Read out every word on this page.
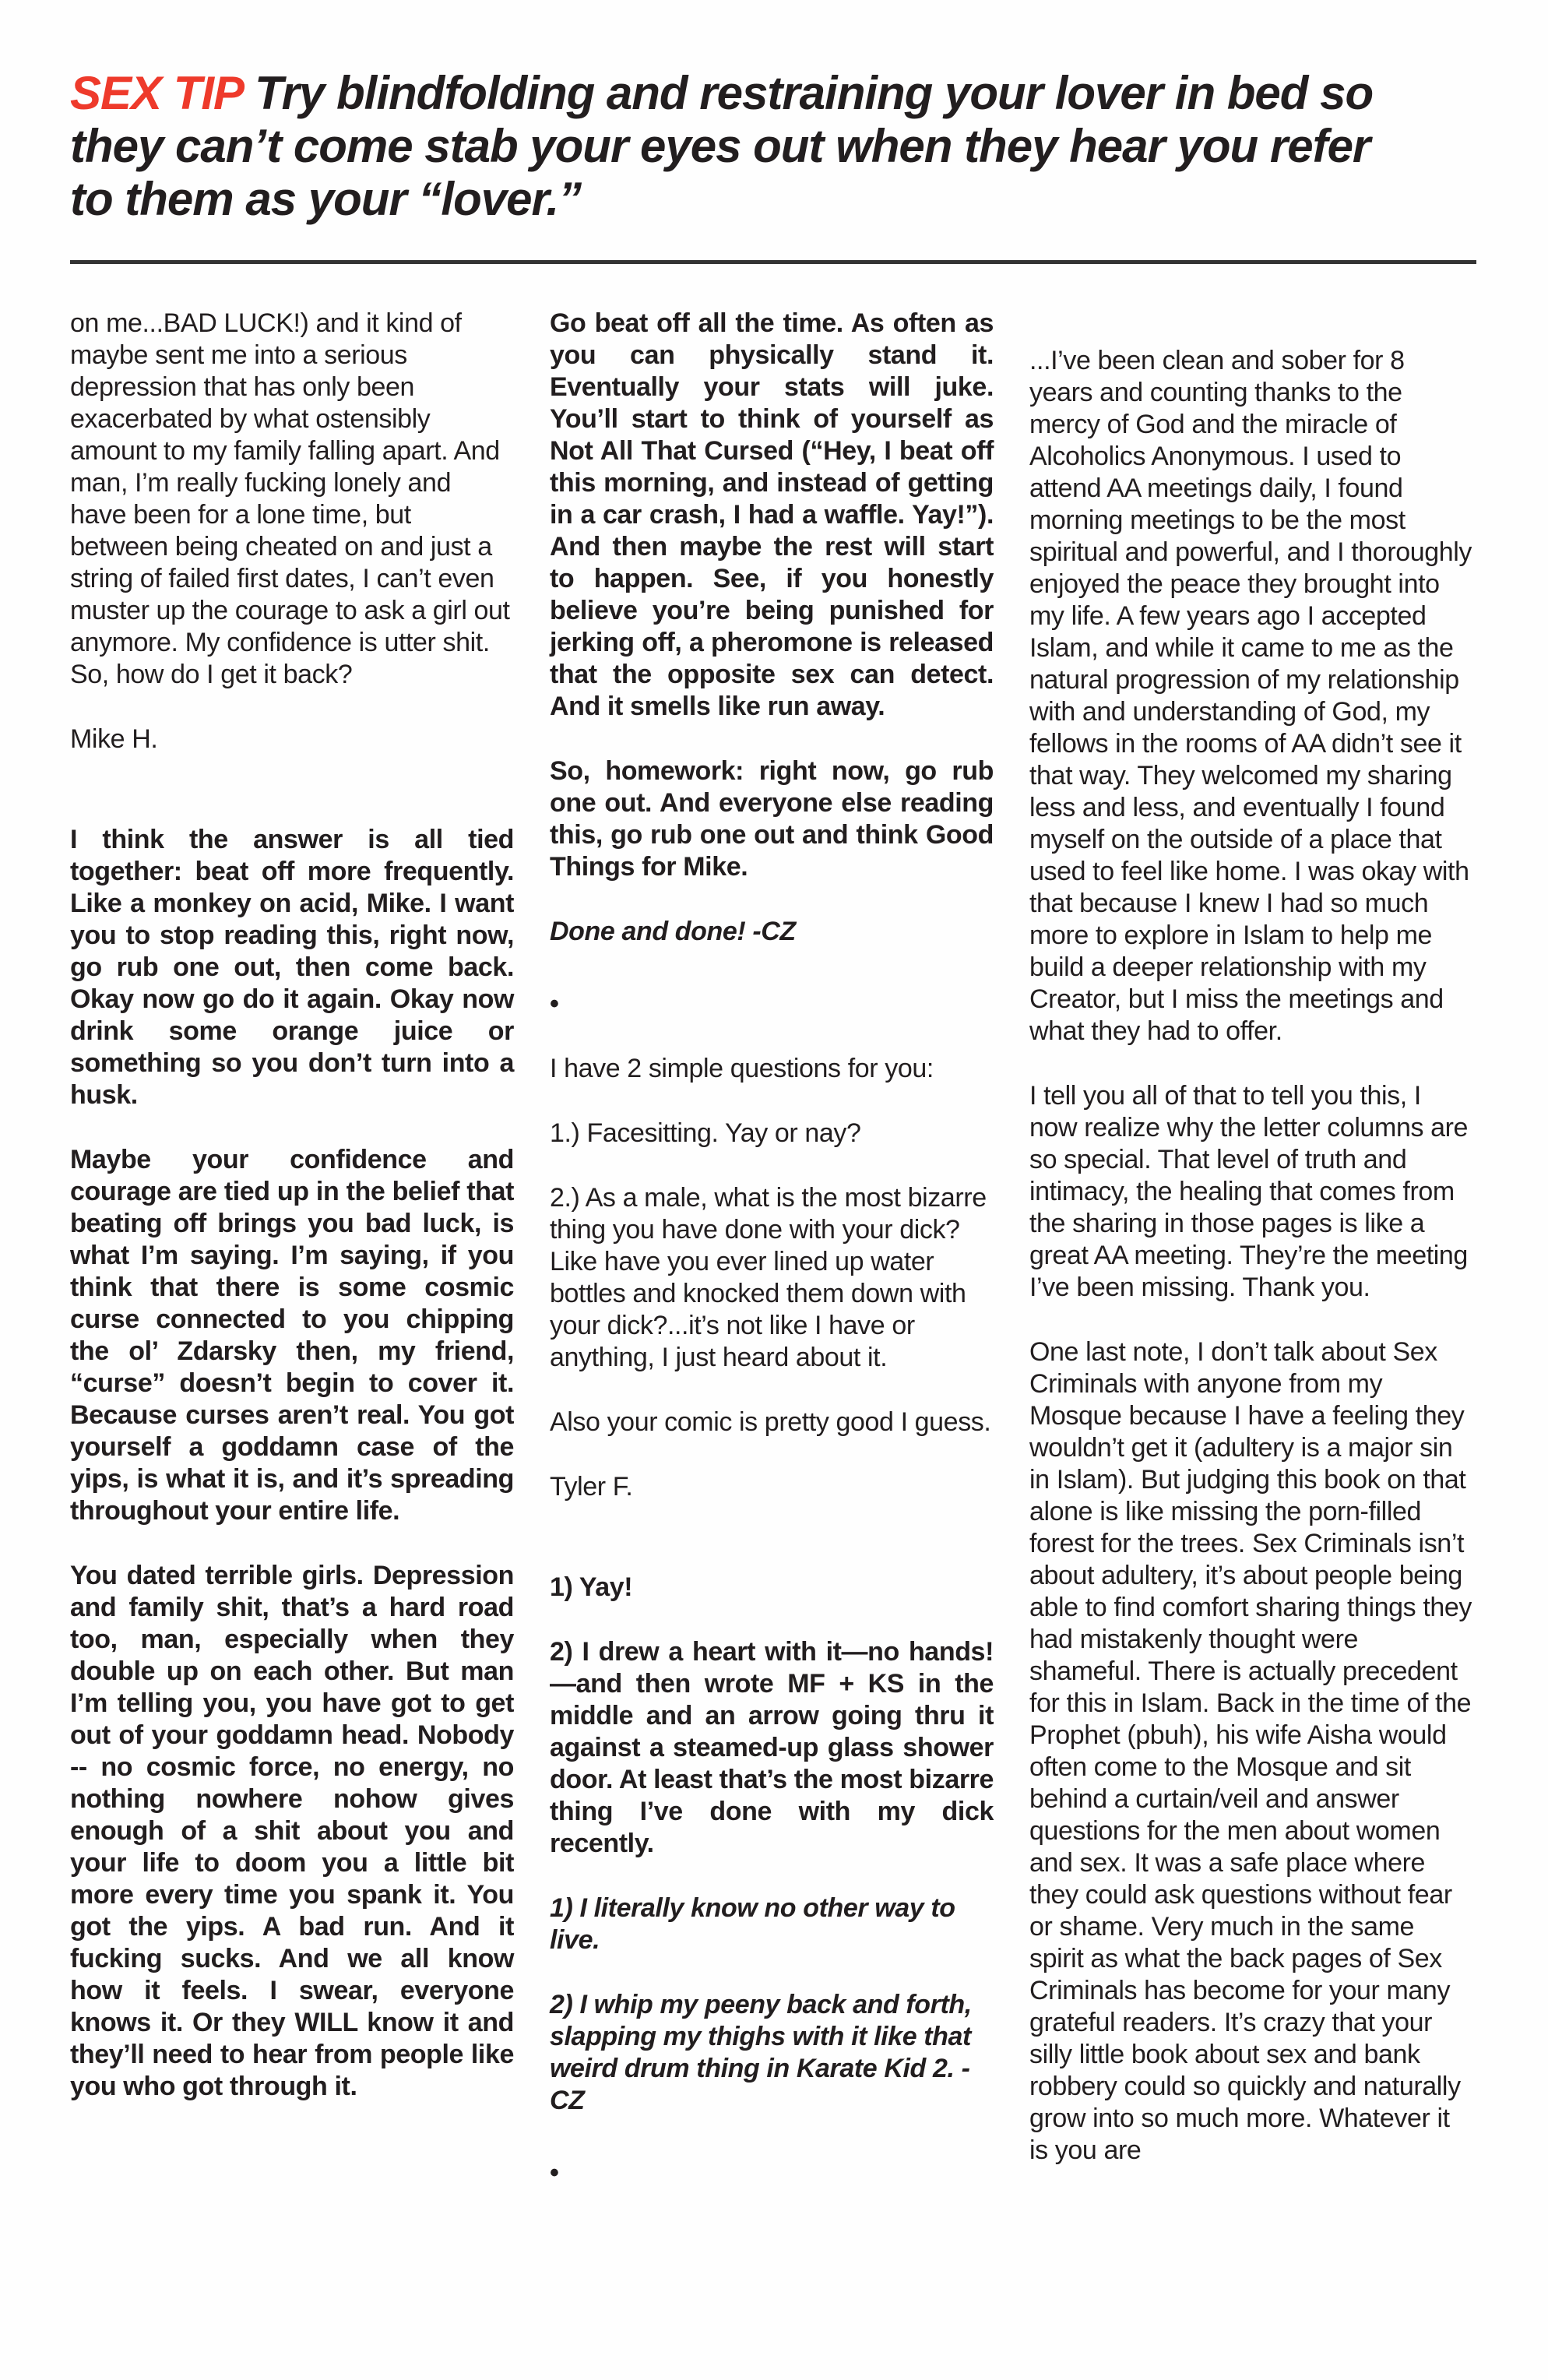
SEX TIP Try blindfolding and restraining your lover in bed so they can’t come stab your eyes out when they hear you refer to them as your “lover.”

on me...BAD LUCK!) and it kind of maybe sent me into a serious depression that has only been exacerbated by what ostensibly amount to my family falling apart. And man, I’m really fucking lonely and have been for a lone time, but between being cheated on and just a string of failed first dates, I can’t even muster up the courage to ask a girl out anymore. My confidence is utter shit. So, how do I get it back?

Mike H.

I think the answer is all tied together: beat off more frequently. Like a monkey on acid, Mike. I want you to stop reading this, right now, go rub one out, then come back. Okay now go do it again. Okay now drink some orange juice or something so you don’t turn into a husk.

Maybe your confidence and courage are tied up in the belief that beating off brings you bad luck, is what I’m saying. I’m saying, if you think that there is some cosmic curse connected to you chipping the ol’ Zdarsky then, my friend, “curse” doesn’t begin to cover it. Because curses aren’t real. You got yourself a goddamn case of the yips, is what it is, and it’s spreading throughout your entire life.

You dated terrible girls. Depression and family shit, that’s a hard road too, man, especially when they double up on each other. But man I’m telling you, you have got to get out of your goddamn head. Nobody -- no cosmic force, no energy, no nothing nowhere nohow gives enough of a shit about you and your life to doom you a little bit more every time you spank it. You got the yips. A bad run. And it fucking sucks. And we all know how it feels. I swear, everyone knows it. Or they WILL know it and they’ll need to hear from people like you who got through it.

Go beat off all the time. As often as you can physically stand it. Eventually your stats will juke. You’ll start to think of yourself as Not All That Cursed (“Hey, I beat off this morning, and instead of getting in a car crash, I had a waffle. Yay!”). And then maybe the rest will start to happen. See, if you honestly believe you’re being punished for jerking off, a pheromone is released that the opposite sex can detect. And it smells like run away.

So, homework: right now, go rub one out. And everyone else reading this, go rub one out and think Good Things for Mike.

Done and done! -CZ

•

I have 2 simple questions for you:

1.) Facesitting. Yay or nay?

2.) As a male, what is the most bizarre thing you have done with your dick? Like have you ever lined up water bottles and knocked them down with your dick?...it’s not like I have or anything, I just heard about it.

Also your comic is pretty good I guess.

Tyler F.

1) Yay!

2) I drew a heart with it—no hands!—and then wrote MF + KS in the middle and an arrow going thru it against a steamed-up glass shower door. At least that’s the most bizarre thing I’ve done with my dick recently.

1) I literally know no other way to live.

2) I whip my peeny back and forth, slapping my thighs with it like that weird drum thing in Karate Kid 2. -CZ

•

...I’ve been clean and sober for 8 years and counting thanks to the mercy of God and the miracle of Alcoholics Anonymous. I used to attend AA meetings daily, I found morning meetings to be the most spiritual and powerful, and I thoroughly enjoyed the peace they brought into my life. A few years ago I accepted Islam, and while it came to me as the natural progression of my relationship with and understanding of God, my fellows in the rooms of AA didn’t see it that way. They welcomed my sharing less and less, and eventually I found myself on the outside of a place that used to feel like home. I was okay with that because I knew I had so much more to explore in Islam to help me build a deeper relationship with my Creator, but I miss the meetings and what they had to offer.

I tell you all of that to tell you this, I now realize why the letter columns are so special. That level of truth and intimacy, the healing that comes from the sharing in those pages is like a great AA meeting. They’re the meeting I’ve been missing. Thank you.

One last note, I don’t talk about Sex Criminals with anyone from my Mosque because I have a feeling they wouldn’t get it (adultery is a major sin in Islam). But judging this book on that alone is like missing the porn-filled forest for the trees. Sex Criminals isn’t about adultery, it’s about people being able to find comfort sharing things they had mistakenly thought were shameful. There is actually precedent for this in Islam. Back in the time of the Prophet (pbuh), his wife Aisha would often come to the Mosque and sit behind a curtain/veil and answer questions for the men about women and sex. It was a safe place where they could ask questions without fear or shame. Very much in the same spirit as what the back pages of Sex Criminals has become for your many grateful readers. It’s crazy that your silly little book about sex and bank robbery could so quickly and naturally grow into so much more. Whatever it is you are
